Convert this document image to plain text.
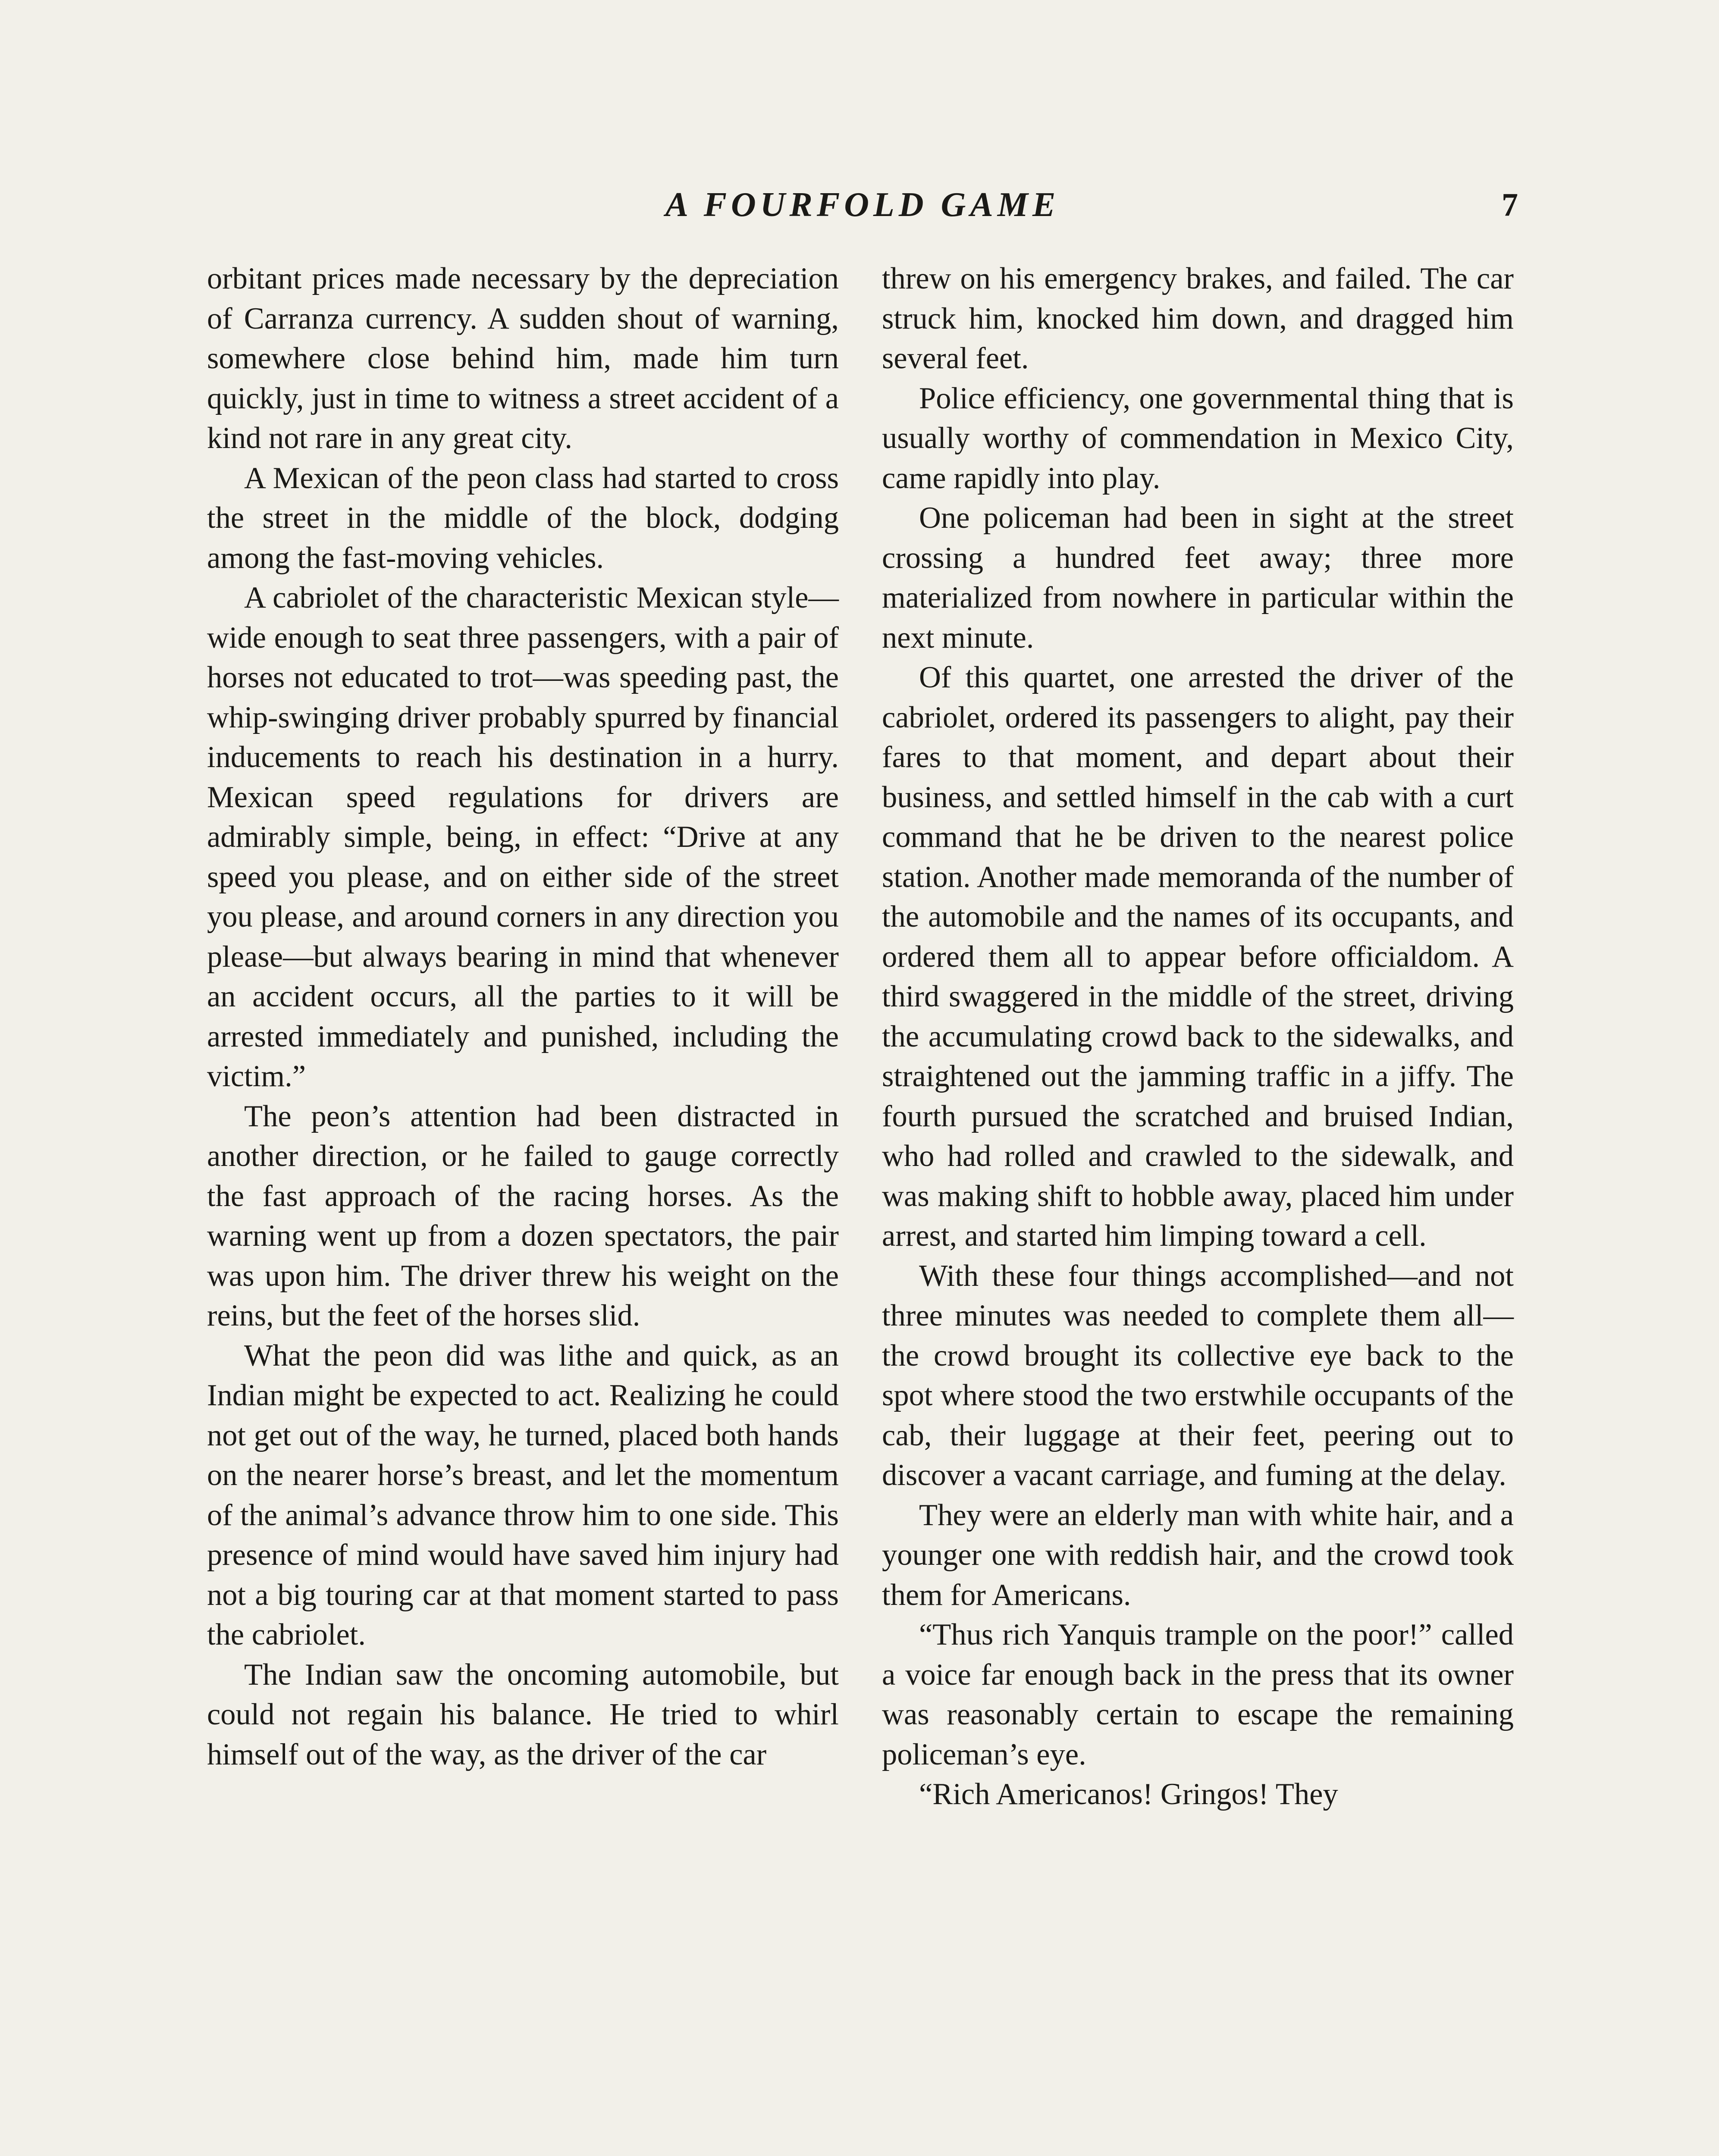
A FOURFOLD GAME	7

orbitant prices made necessary by the depreciation of Carranza currency. A sudden shout of warning, somewhere close behind him, made him turn quickly, just in time to witness a street accident of a kind not rare in any great city.

A Mexican of the peon class had started to cross the street in the middle of the block, dodging among the fast-moving vehicles.

A cabriolet of the characteristic Mexican style—wide enough to seat three passengers, with a pair of horses not educated to trot—was speeding past, the whip-swinging driver probably spurred by financial inducements to reach his destination in a hurry. Mexican speed regulations for drivers are admirably simple, being, in effect: “Drive at any speed you please, and on either side of the street you please, and around corners in any direction you please—but always bearing in mind that whenever an accident occurs, all the parties to it will be arrested immediately and punished, including the victim.”

The peon’s attention had been distracted in another direction, or he failed to gauge correctly the fast approach of the racing horses. As the warning went up from a dozen spectators, the pair was upon him. The driver threw his weight on the reins, but the feet of the horses slid.

What the peon did was lithe and quick, as an Indian might be expected to act. Realizing he could not get out of the way, he turned, placed both hands on the nearer horse’s breast, and let the momentum of the animal’s advance throw him to one side. This presence of mind would have saved him injury had not a big touring car at that moment started to pass the cabriolet.

The Indian saw the oncoming automobile, but could not regain his balance. He tried to whirl himself out of the way, as the driver of the car

threw on his emergency brakes, and failed. The car struck him, knocked him down, and dragged him several feet.

Police efficiency, one governmental thing that is usually worthy of commendation in Mexico City, came rapidly into play.

One policeman had been in sight at the street crossing a hundred feet away; three more materialized from nowhere in particular within the next minute.

Of this quartet, one arrested the driver of the cabriolet, ordered its passengers to alight, pay their fares to that moment, and depart about their business, and settled himself in the cab with a curt command that he be driven to the nearest police station. Another made memoranda of the number of the automobile and the names of its occupants, and ordered them all to appear before officialdom. A third swaggered in the middle of the street, driving the accumulating crowd back to the sidewalks, and straightened out the jamming traffic in a jiffy. The fourth pursued the scratched and bruised Indian, who had rolled and crawled to the sidewalk, and was making shift to hobble away, placed him under arrest, and started him limping toward a cell.

With these four things accomplished—and not three minutes was needed to complete them all—the crowd brought its collective eye back to the spot where stood the two erstwhile occupants of the cab, their luggage at their feet, peering out to discover a vacant carriage, and fuming at the delay.

They were an elderly man with white hair, and a younger one with reddish hair, and the crowd took them for Americans.

“Thus rich Yanquis trample on the poor!” called a voice far enough back in the press that its owner was reasonably certain to escape the remaining policeman’s eye.

“Rich Americanos! Gringos! They
